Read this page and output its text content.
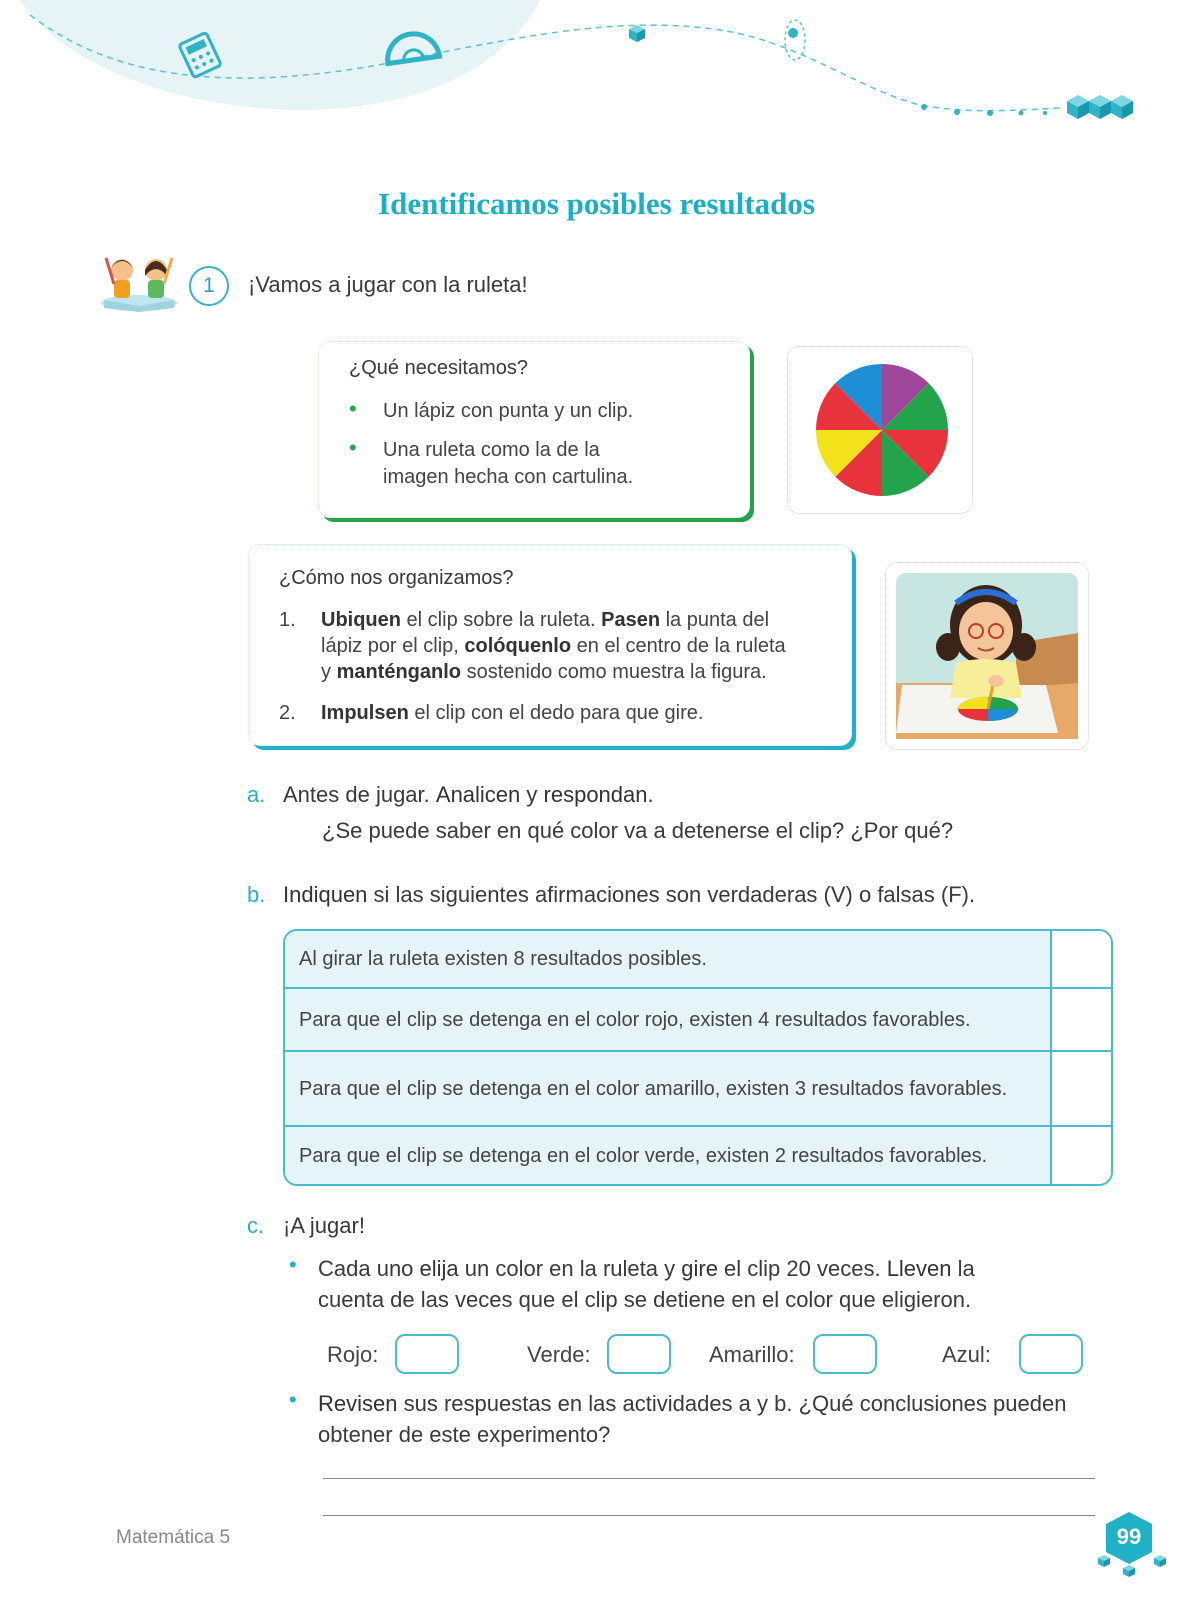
Identificamos posibles resultados
1	¡Vamos a jugar con la ruleta!
¿Qué necesitamos?
• Un lápiz con punta y un clip.
• Una ruleta como la de la
imagen hecha con cartulina.
¿Cómo nos organizamos?
1. Ubiquen el clip sobre la ruleta. Pasen la punta del
lápiz por el clip, colóquenlo en el centro de la ruleta
y manténganlo sostenido como muestra la figura.
2. Impulsen el clip con el dedo para que gire.
a. Antes de jugar. Analicen y respondan.
¿Se puede saber en qué color va a detenerse el clip? ¿Por qué?
b. Indiquen si las siguientes afirmaciones son verdaderas (V) o falsas (F).
Al girar la ruleta existen 8 resultados posibles.
Para que el clip se detenga en el color rojo, existen 4 resultados favorables.
Para que el clip se detenga en el color amarillo, existen 3 resultados favorables.
Para que el clip se detenga en el color verde, existen 2 resultados favorables.
c. ¡A jugar!
• Cada uno elija un color en la ruleta y gire el clip 20 veces. Lleven la
cuenta de las veces que el clip se detiene en el color que eligieron.
Rojo:	Verde:	Amarillo:	Azul:
• Revisen sus respuestas en las actividades a y b. ¿Qué conclusiones pueden
obtener de este experimento?
Matemática 5	99
